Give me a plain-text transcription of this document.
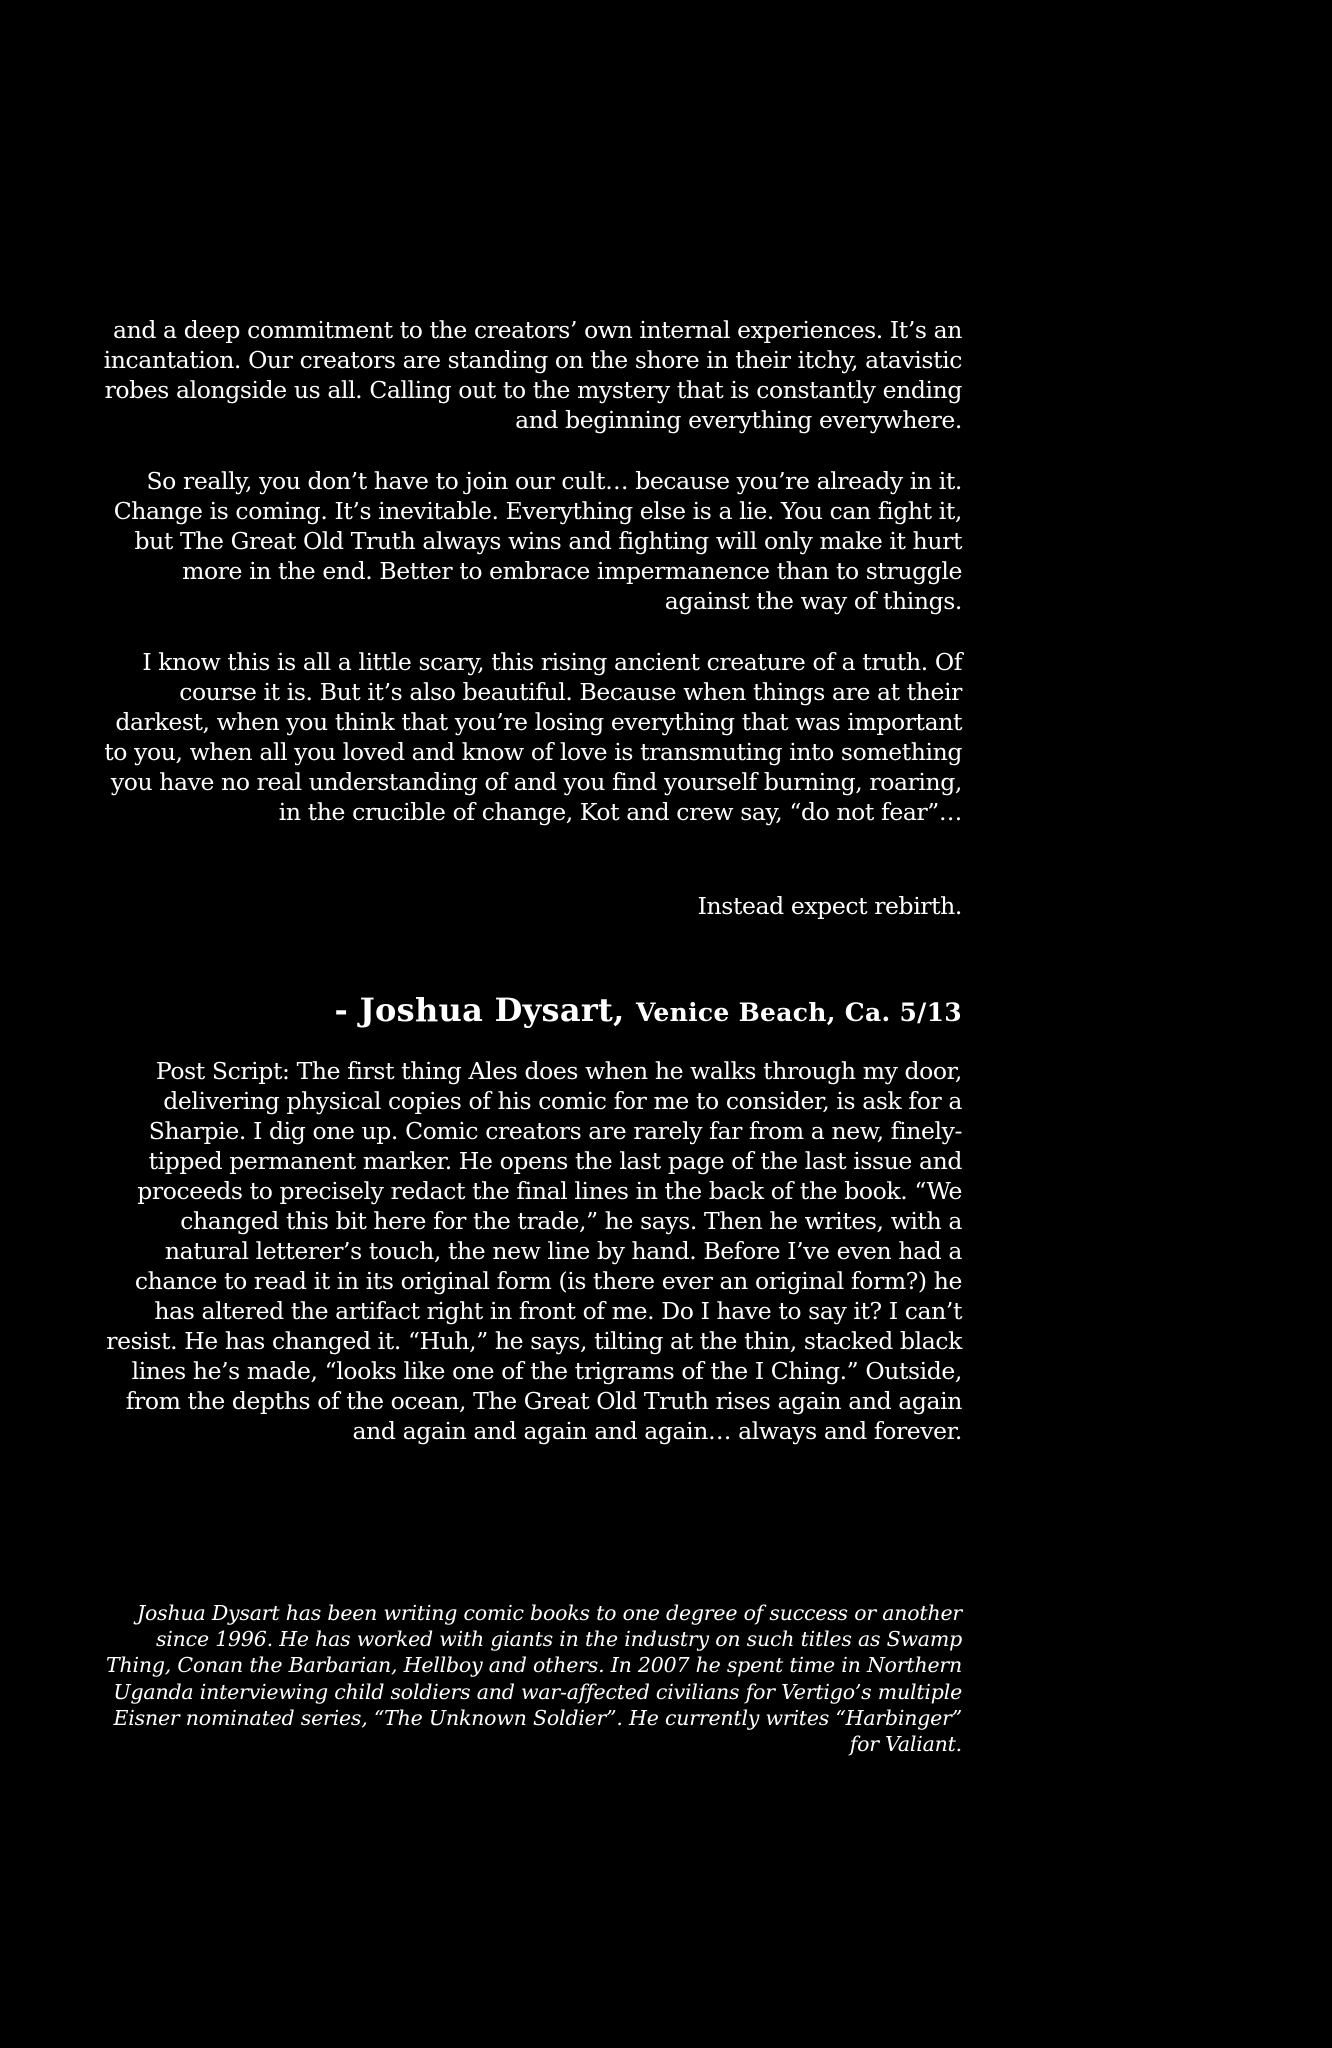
and a deep commitment to the creators’ own internal experiences. It’s an incantation. Our creators are standing on the shore in their itchy, atavistic robes alongside us all. Calling out to the mystery that is constantly ending and beginning everything everywhere.

So really, you don’t have to join our cult… because you’re already in it. Change is coming. It’s inevitable. Everything else is a lie. You can fight it, but The Great Old Truth always wins and fighting will only make it hurt more in the end. Better to embrace impermanence than to struggle against the way of things.

I know this is all a little scary, this rising ancient creature of a truth. Of course it is. But it’s also beautiful. Because when things are at their darkest, when you think that you’re losing everything that was important to you, when all you loved and know of love is transmuting into something you have no real understanding of and you find yourself burning, roaring, in the crucible of change, Kot and crew say, “do not fear”…

Instead expect rebirth.

- Joshua Dysart, Venice Beach, Ca. 5/13

Post Script: The first thing Ales does when he walks through my door, delivering physical copies of his comic for me to consider, is ask for a Sharpie. I dig one up. Comic creators are rarely far from a new, finely-tipped permanent marker. He opens the last page of the last issue and proceeds to precisely redact the final lines in the back of the book. “We changed this bit here for the trade,” he says. Then he writes, with a natural letterer’s touch, the new line by hand. Before I’ve even had a chance to read it in its original form (is there ever an original form?) he has altered the artifact right in front of me. Do I have to say it? I can’t resist. He has changed it. “Huh,” he says, tilting at the thin, stacked black lines he’s made, “looks like one of the trigrams of the I Ching.” Outside, from the depths of the ocean, The Great Old Truth rises again and again and again and again and again… always and forever.

Joshua Dysart has been writing comic books to one degree of success or another since 1996. He has worked with giants in the industry on such titles as Swamp Thing, Conan the Barbarian, Hellboy and others. In 2007 he spent time in Northern Uganda interviewing child soldiers and war-affected civilians for Vertigo’s multiple Eisner nominated series, “The Unknown Soldier”. He currently writes “Harbinger” for Valiant.
